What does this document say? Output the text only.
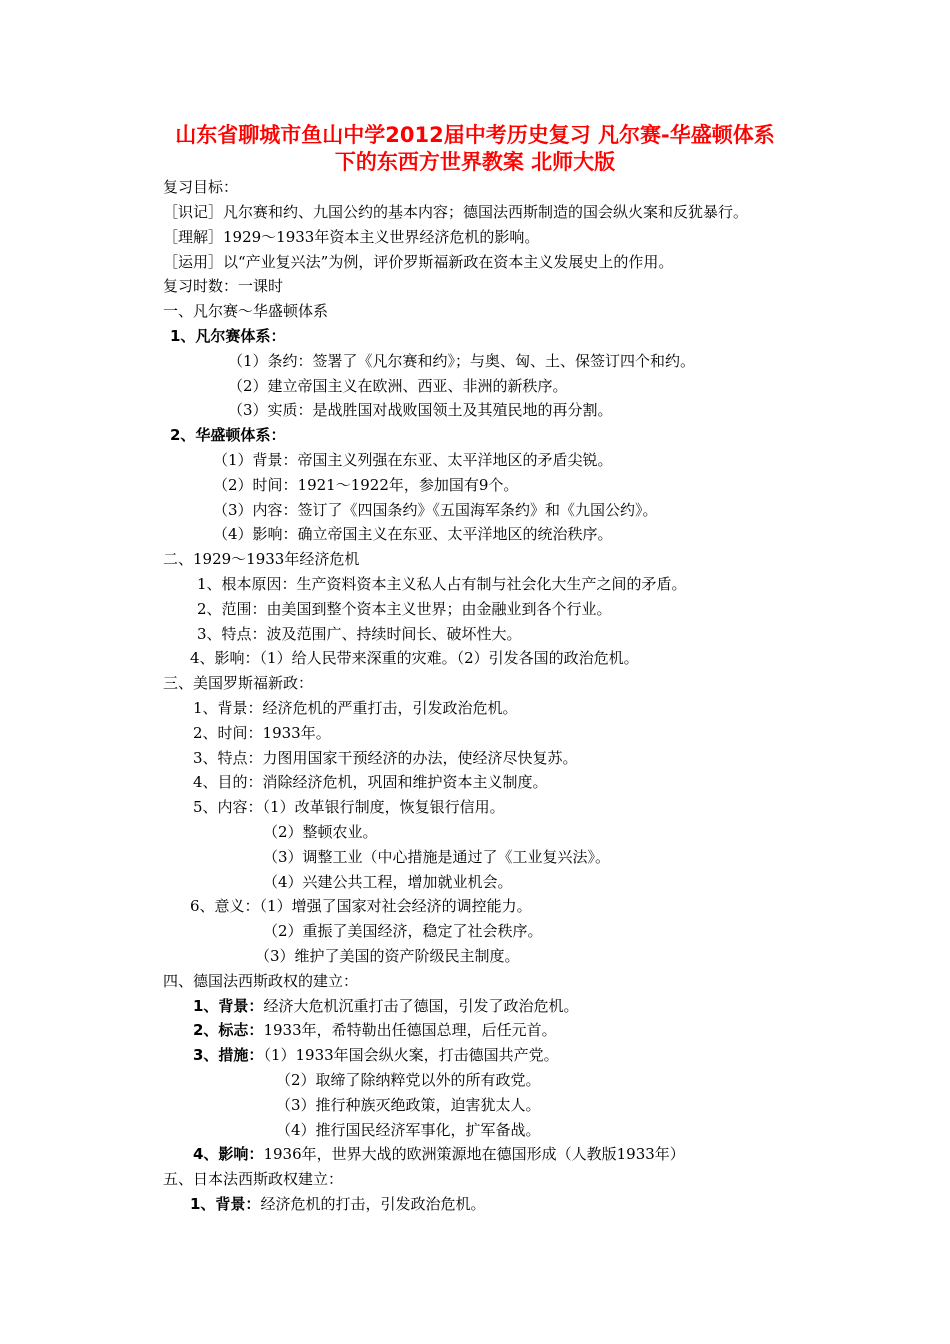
山东省聊城市鱼山中学2012届中考历史复习 凡尔赛-华盛顿体系
下的东西方世界教案 北师大版
复习目标：
［识记］凡尔赛和约、九国公约的基本内容；德国法西斯制造的国会纵火案和反犹暴行。
［理解］1929～1933年资本主义世界经济危机的影响。
［运用］以“产业复兴法”为例，评价罗斯福新政在资本主义发展史上的作用。
复习时数：一课时
一、凡尔赛～华盛顿体系
1、凡尔赛体系：
（1）条约：签署了《凡尔赛和约》；与奥、匈、土、保签订四个和约。
（2）建立帝国主义在欧洲、西亚、非洲的新秩序。
（3）实质：是战胜国对战败国领土及其殖民地的再分割。
2、华盛顿体系：
（1）背景：帝国主义列强在东亚、太平洋地区的矛盾尖锐。
（2）时间：1921～1922年，参加国有9个。
（3）内容：签订了《四国条约》《五国海军条约》和《九国公约》。
（4）影响：确立帝国主义在东亚、太平洋地区的统治秩序。
二、1929～1933年经济危机
1、根本原因：生产资料资本主义私人占有制与社会化大生产之间的矛盾。
2、范围：由美国到整个资本主义世界；由金融业到各个行业。
3、特点：波及范围广、持续时间长、破坏性大。
4、影响：（1）给人民带来深重的灾难。（2）引发各国的政治危机。
三、美国罗斯福新政：
1、背景：经济危机的严重打击，引发政治危机。
2、时间：1933年。
3、特点：力图用国家干预经济的办法，使经济尽快复苏。
4、目的：消除经济危机，巩固和维护资本主义制度。
5、内容：（1）改革银行制度，恢复银行信用。
（2）整顿农业。
（3）调整工业（中心措施是通过了《工业复兴法》。
（4）兴建公共工程，增加就业机会。
6、意义：（1）增强了国家对社会经济的调控能力。
（2）重振了美国经济，稳定了社会秩序。
（3）维护了美国的资产阶级民主制度。
四、德国法西斯政权的建立：
1、背景：经济大危机沉重打击了德国，引发了政治危机。
2、标志：1933年，希特勒出任德国总理，后任元首。
3、措施：（1）1933年国会纵火案，打击德国共产党。
（2）取缔了除纳粹党以外的所有政党。
（3）推行种族灭绝政策，迫害犹太人。
（4）推行国民经济军事化，扩军备战。
4、影响：1936年，世界大战的欧洲策源地在德国形成（人教版1933年）
五、日本法西斯政权建立：
1、背景：经济危机的打击，引发政治危机。
